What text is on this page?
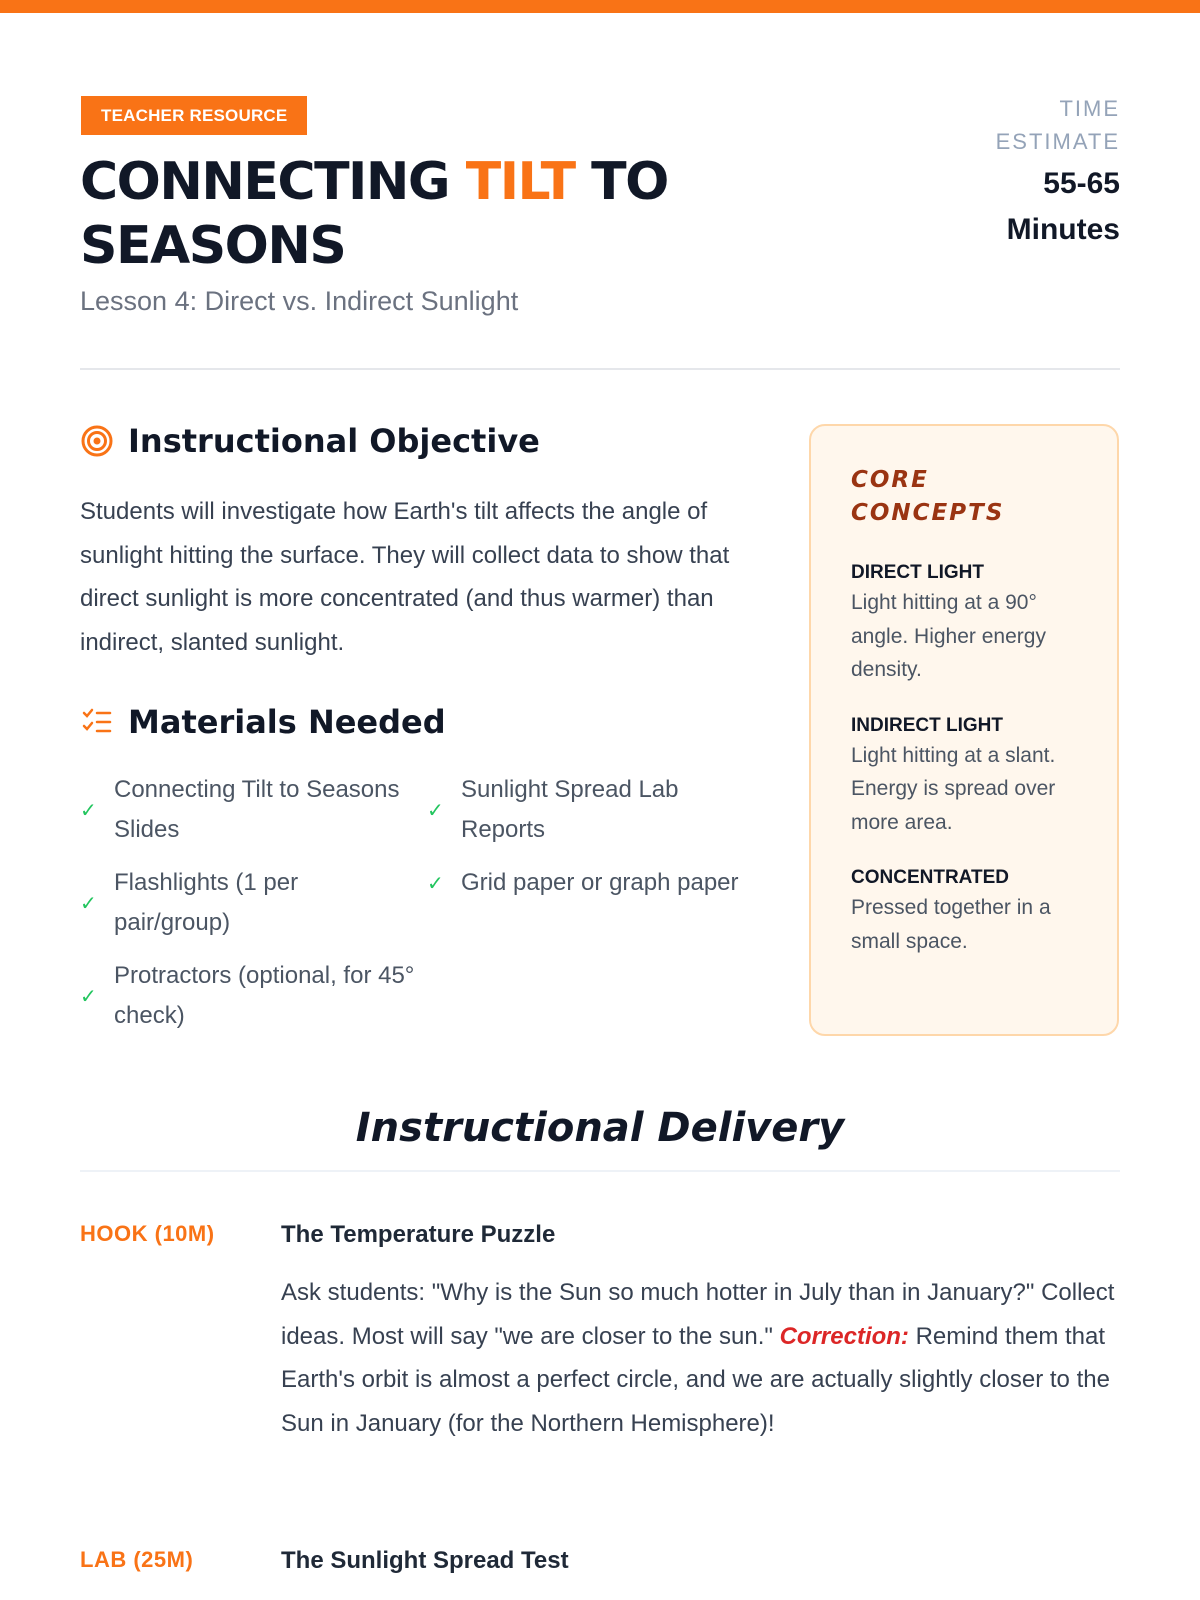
TEACHER RESOURCE
CONNECTING TILT TO SEASONS
Lesson 4: Direct vs. Indirect Sunlight
TIME
ESTIMATE
55-65
Minutes
Instructional Objective

Students will investigate how Earth's tilt affects the angle of sunlight hitting the surface. They will collect data to show that direct sunlight is more concentrated (and thus warmer) than indirect, slanted sunlight.

Materials Needed
✓
Connecting Tilt to Seasons Slides
✓
Sunlight Spread Lab Reports
✓
Flashlights (1 per pair/group)
✓ Grid paper or graph paper
✓
Protractors (optional, for 45° check)
CORE CONCEPTS
DIRECT LIGHT
Light hitting at a 90° angle. Higher energy density.
INDIRECT LIGHT
Light hitting at a slant. Energy is spread over more area.
CONCENTRATED
Pressed together in a small space.
Instructional Delivery
HOOK (10M)	The Temperature Puzzle
Ask students: "Why is the Sun so much hotter in July than in January?" Collect ideas. Most will say "we are closer to the sun." Correction: Remind them that Earth's orbit is almost a perfect circle, and we are actually slightly closer to the Sun in January (for the Northern Hemisphere)!
LAB (25M)	The Sunlight Spread Test
